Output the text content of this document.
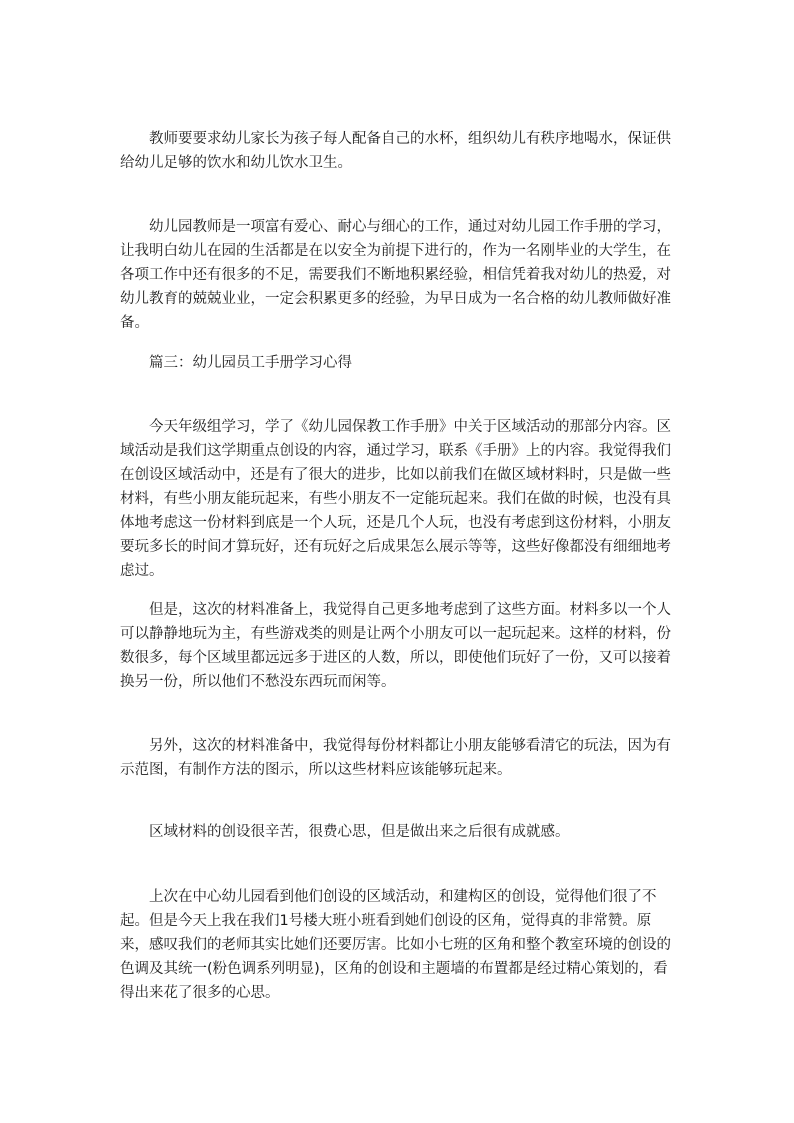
教师要要求幼儿家长为孩子每人配备自己的水杯，组织幼儿有秩序地喝水，保证供给幼儿足够的饮水和幼儿饮水卫生。

幼儿园教师是一项富有爱心、耐心与细心的工作，通过对幼儿园工作手册的学习，让我明白幼儿在园的生活都是在以安全为前提下进行的，作为一名刚毕业的大学生，在各项工作中还有很多的不足，需要我们不断地积累经验，相信凭着我对幼儿的热爱，对幼儿教育的兢兢业业，一定会积累更多的经验，为早日成为一名合格的幼儿教师做好准备。

篇三：幼儿园员工手册学习心得

今天年级组学习，学了《幼儿园保教工作手册》中关于区域活动的那部分内容。区域活动是我们这学期重点创设的内容，通过学习，联系《手册》上的内容。我觉得我们在创设区域活动中，还是有了很大的进步，比如以前我们在做区域材料时，只是做一些材料，有些小朋友能玩起来，有些小朋友不一定能玩起来。我们在做的时候，也没有具体地考虑这一份材料到底是一个人玩，还是几个人玩，也没有考虑到这份材料，小朋友要玩多长的时间才算玩好，还有玩好之后成果怎么展示等等，这些好像都没有细细地考虑过。

但是，这次的材料准备上，我觉得自己更多地考虑到了这些方面。材料多以一个人可以静静地玩为主，有些游戏类的则是让两个小朋友可以一起玩起来。这样的材料，份数很多，每个区域里都远远多于进区的人数，所以，即使他们玩好了一份，又可以接着换另一份，所以他们不愁没东西玩而闲等。

另外，这次的材料准备中，我觉得每份材料都让小朋友能够看清它的玩法，因为有示范图，有制作方法的图示，所以这些材料应该能够玩起来。

区域材料的创设很辛苦，很费心思，但是做出来之后很有成就感。

上次在中心幼儿园看到他们创设的区域活动，和建构区的创设，觉得他们很了不起。但是今天上我在我们1号楼大班小班看到她们创设的区角，觉得真的非常赞。原来，感叹我们的老师其实比她们还要厉害。比如小七班的区角和整个教室环境的创设的色调及其统一(粉色调系列明显)，区角的创设和主题墙的布置都是经过精心策划的，看得出来花了很多的心思。
